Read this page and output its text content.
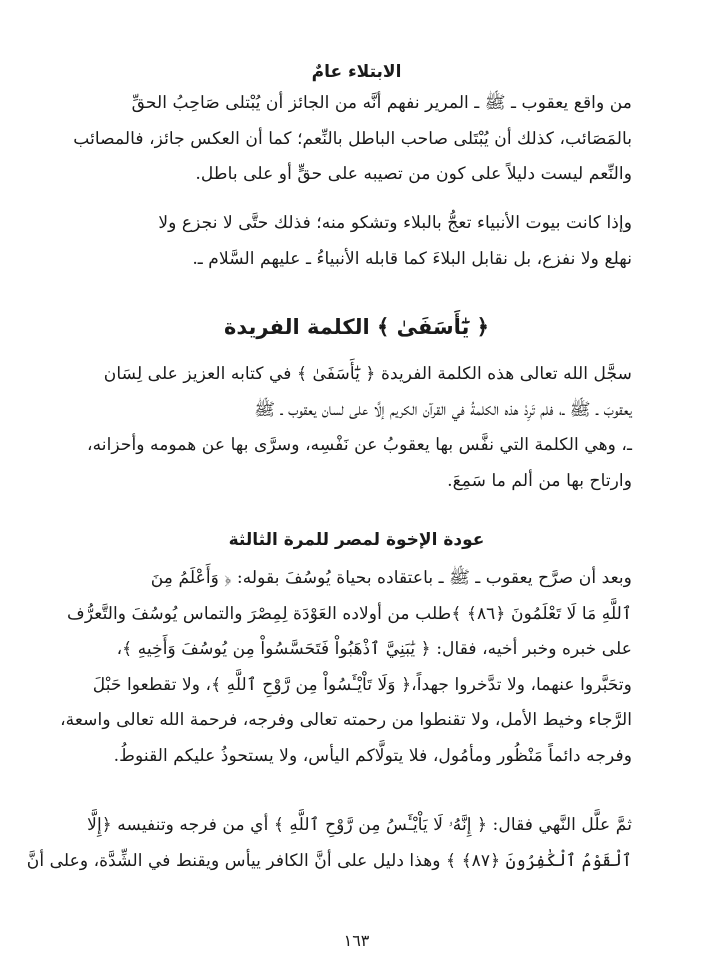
الابتلاء عامٌ
من واقع يعقوب ـ ﷺ ـ المرير نفهم أنَّه من الجائز أن يُبْتلى صَاحِبُ الحقِّ
بالمَصَائب، كذلك أن يُبْتَلى صاحب الباطل بالنِّعم؛ كما أن العكس جائز، فالمصائب
والنِّعم ليست دليلاً على كون من تصيبه على حقٍّ أو على باطل.
وإذا كانت بيوت الأنبياء تعجُّ بالبلاء وتشكو منه؛ فذلك حتَّى لا نجزع ولا
نهلع ولا نفزع، بل نقابل البلاءَ كما قابله الأنبياءُ ـ عليهم السَّلام ـ.
﴿ يَٰٓأَسَفَىٰ ﴾ الكلمة الفريدة
سجَّل الله تعالى هذه الكلمة الفريدة ﴿ يَٰٓأَسَفَىٰ ﴾ في كتابه العزيز على لِسَان
يعقوبَ ـ ﷺ ـ، فلم تَرِدْ هذه الكلمةُ في القرآن الكريم إلَّا على لسان يعقوب ـ ﷺ
ـ، وهي الكلمة التي نفَّس بها يعقوبُ عن نَفْسِه، وسرَّى بها عن همومه وأحزانه،
وارتاح بها من ألم ما سَمِعَ.
عودة الإخوة لمصر للمرة الثالثة
وبعد أن صرَّح يعقوب ـ ﷺ ـ باعتقاده بحياة يُوسُفَ بقوله: ﴿ وَأَعْلَمُ مِنَ
ٱللَّهِ مَا لَا تَعْلَمُونَ ﴿٨٦﴾ ﴾طلب من أولاده العَوْدَة لِمِصْرَ والتماس يُوسُفَ والتَّعرُّف
على خبره وخبر أخيه، فقال: ﴿ يَٰبَنِيَّ ٱذْهَبُواْ فَتَحَسَّسُواْ مِن يُوسُفَ وَأَخِيهِ ﴾،
وتحَبَّروا عنهما، ولا تدَّخروا جهداً،﴿ وَلَا تَاْيْـَٔسُواْ مِن رَّوْحِ ٱللَّهِ ﴾، ولا تقطعوا حَبْلَ
الرَّجاء وخيط الأمل، ولا تقنطوا من رحمته تعالى وفرجه، فرحمة الله تعالى واسعة،
وفرجه دائماً مَنْظُور ومأمُول، فلا يتولَّاكم اليأس، ولا يستحوذُ عليكم القنوطُ.
ثمَّ علَّل النَّهي فقال: ﴿ إِنَّهُۥ لَا يَاْيْـَٔسُ مِن رَّوْحِ ٱللَّهِ ﴾ أي من فرجه وتنفيسه ﴿إِلَّا
ٱلْقَوْمُ ٱلْكَٰفِرُونَ ﴿٨٧﴾ ﴾ وهذا دليل على أنَّ الكافر ييأس ويقنط في الشِّدَّة، وعلى أنَّ
١٦٣
